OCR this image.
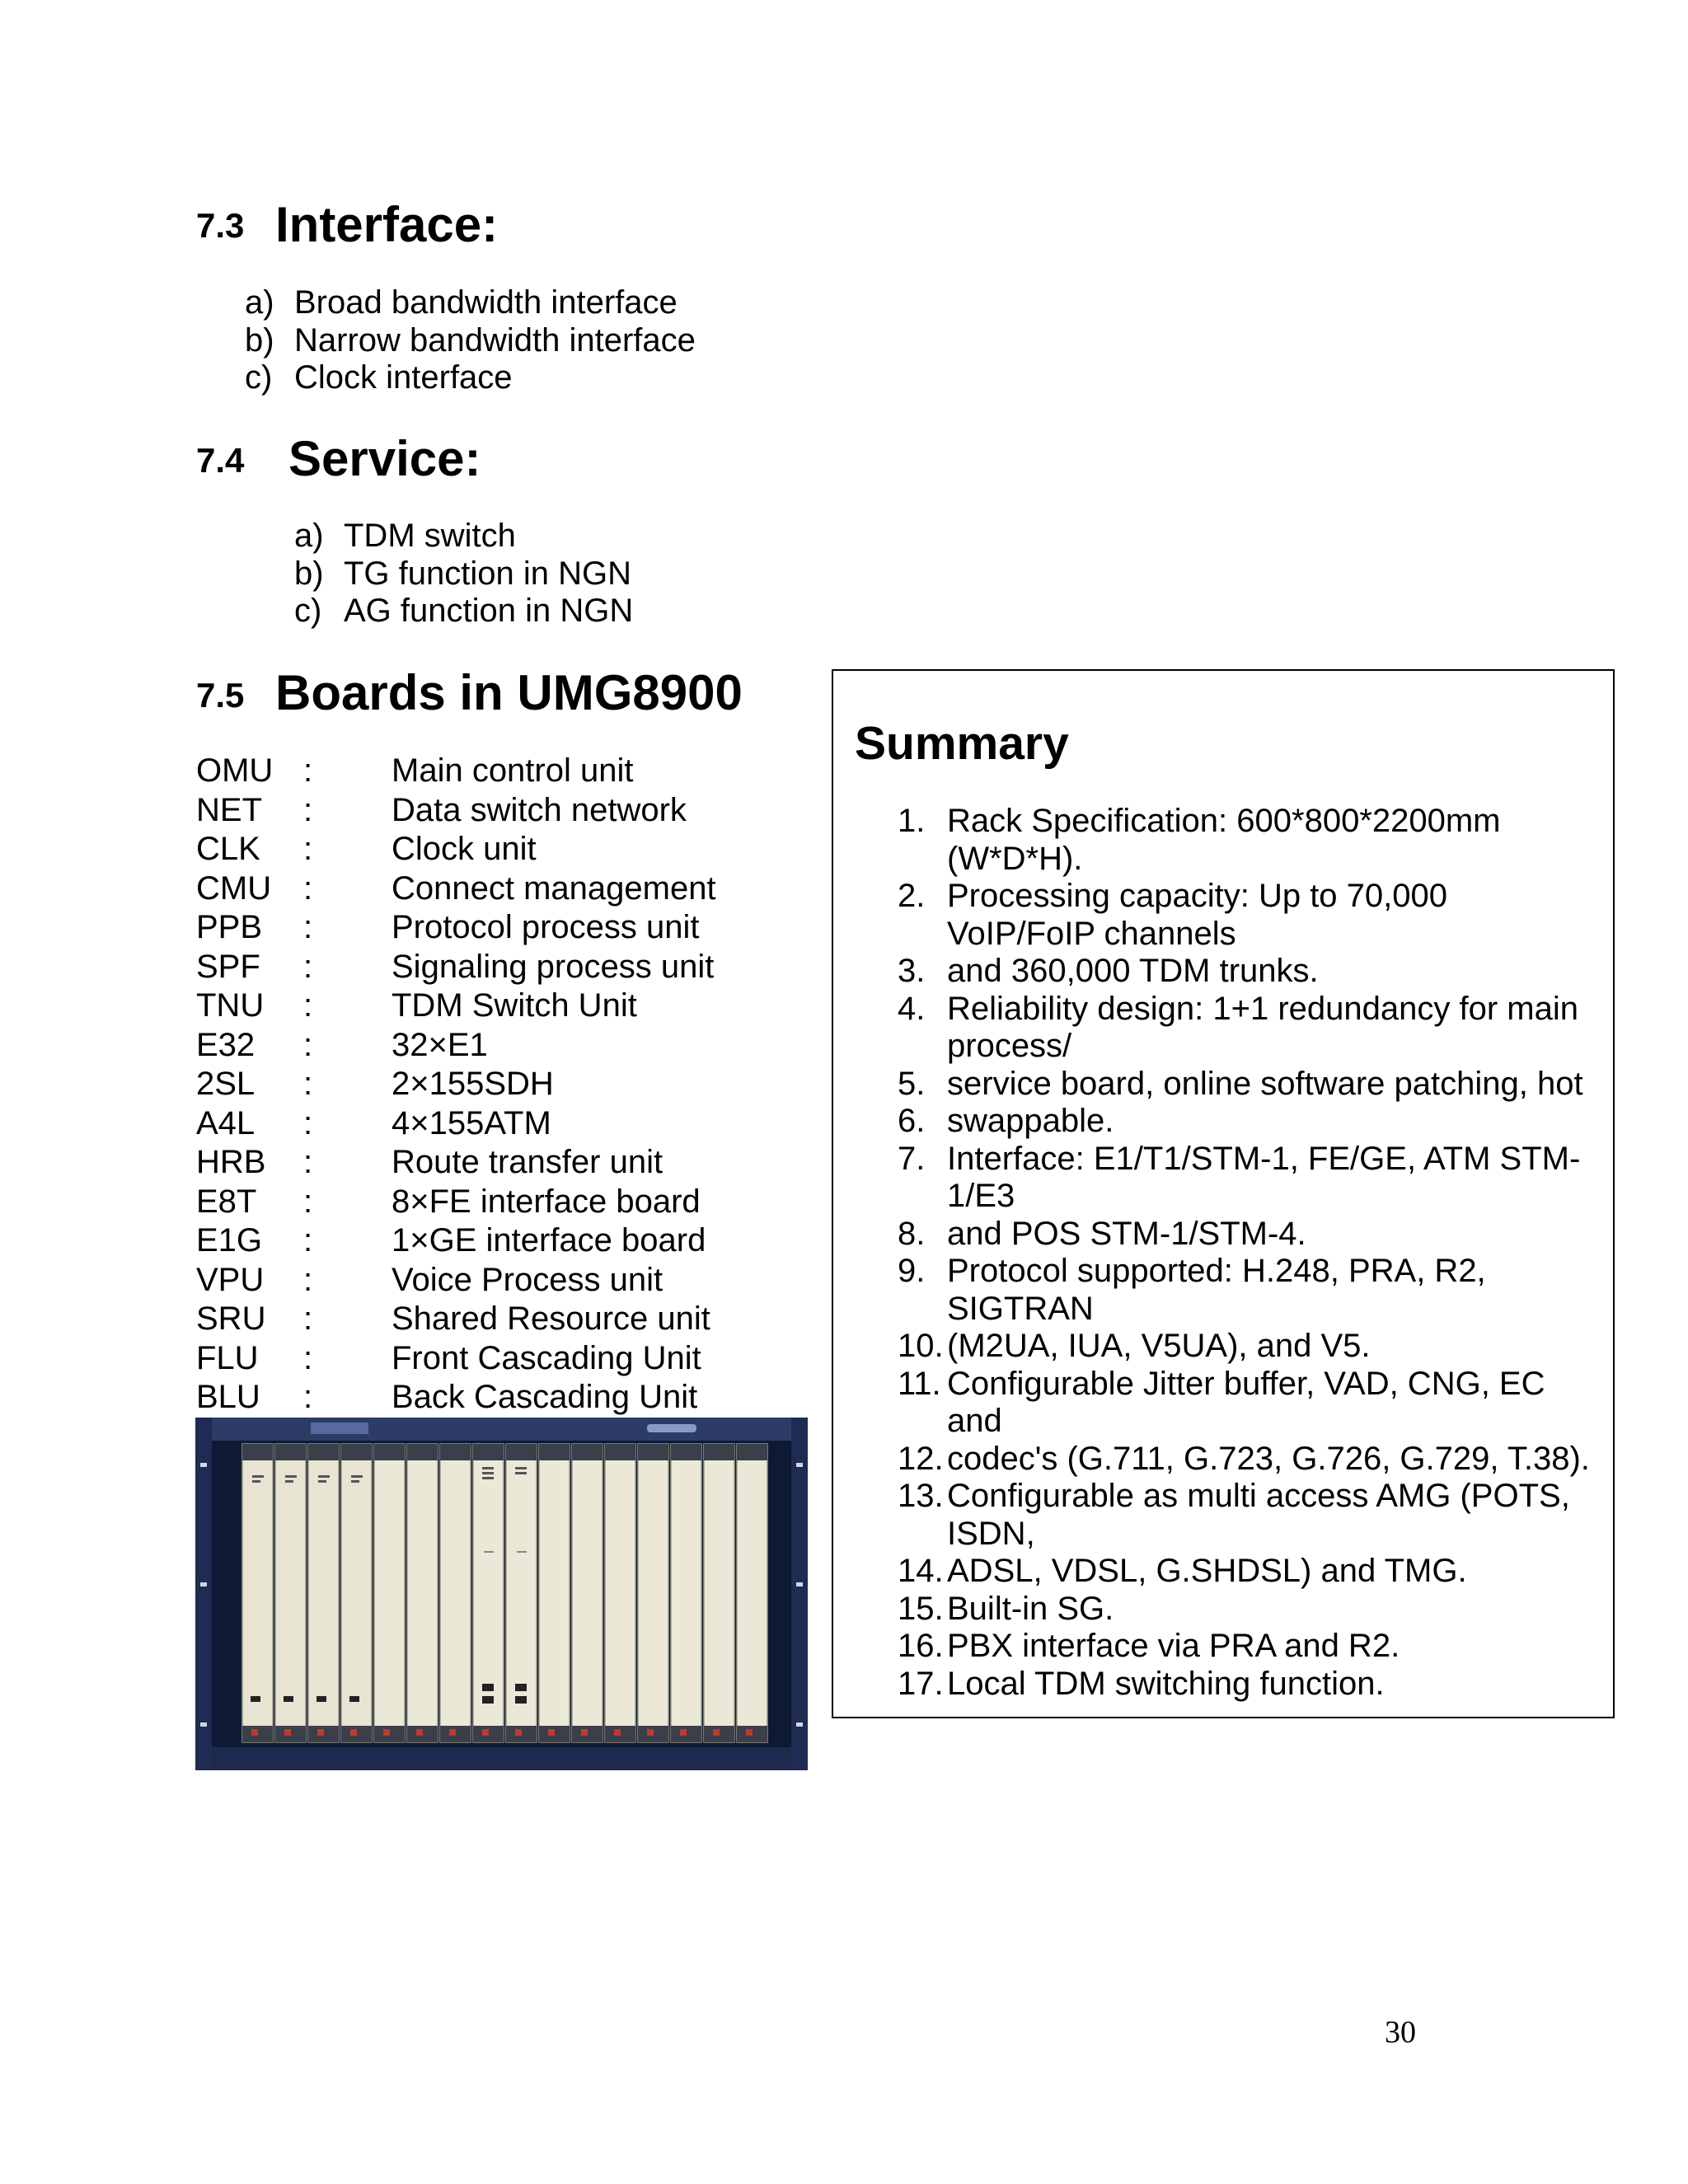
7.3 Interface:
a) Broad bandwidth interface
b) Narrow bandwidth interface
c) Clock interface
7.4 Service:
a) TDM switch
b) TG function in NGN
c) AG function in NGN
7.5 Boards in UMG8900
OMU :	Main control unit
NET	:	Data switch network
CLK	:	Clock unit
CMU :	Connect management
PPB	:	Protocol process unit
SPF	:	Signaling process unit
TNU	:	TDM Switch Unit
E32	:	32×E1
2SL	:	2×155SDH
A4L	:	4×155ATM
HRB	:	Route transfer unit
E8T	:	8×FE interface board
E1G	:	1×GE interface board
VPU	:	Voice Process unit
SRU	:	Shared Resource unit
FLU	:	Front Cascading Unit
BLU	:	Back Cascading Unit
Summary
1. Rack Specification: 600*800*2200mm (W*D*H).
2. Processing capacity: Up to 70,000 VoIP/FoIP channels
3. and 360,000 TDM trunks.
4. Reliability design: 1+1 redundancy for main process/
5. service board, online software patching, hot
6. swappable.
7. Interface: E1/T1/STM-1, FE/GE, ATM STM-1/E3
8. and POS STM-1/STM-4.
9. Protocol supported: H.248, PRA, R2, SIGTRAN
10. (M2UA, IUA, V5UA), and V5.
11. Configurable Jitter buffer, VAD, CNG, EC and
12. codec's (G.711, G.723, G.726, G.729, T.38).
13. Configurable as multi access AMG (POTS, ISDN,
14. ADSL, VDSL, G.SHDSL) and TMG.
15. Built-in SG.
16. PBX interface via PRA and R2.
17. Local TDM switching function.
30
